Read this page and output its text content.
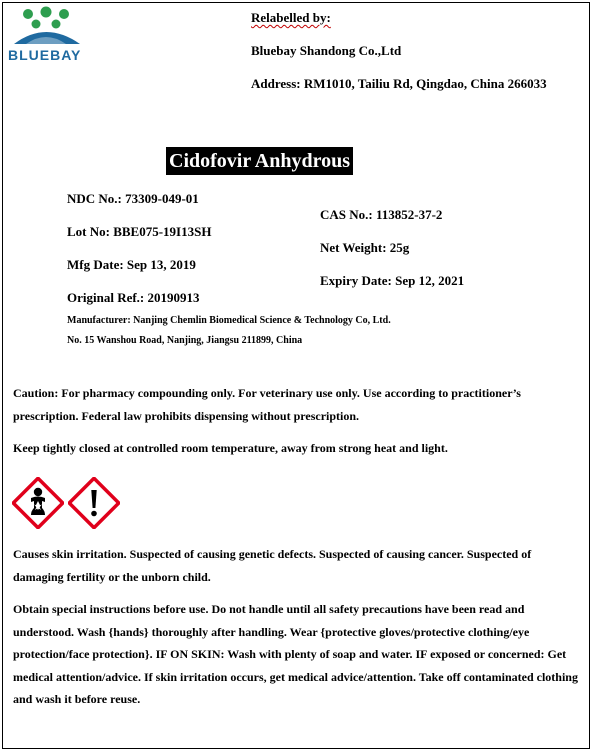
BLUEBAY
Relabelled by:
Bluebay Shandong Co.,Ltd
Address: RM1010, Tailiu Rd, Qingdao, China 266033
Cidofovir Anhydrous
NDC No.: 73309-049-01
Lot No: BBE075-19I13SH
Mfg Date: Sep 13, 2019
Original Ref.: 20190913
CAS No.: 113852-37-2
Net Weight: 25g
Expiry Date: Sep 12, 2021
Manufacturer: Nanjing Chemlin Biomedical Science & Technology Co, Ltd.
No. 15 Wanshou Road, Nanjing, Jiangsu 211899, China
Caution: For pharmacy compounding only. For veterinary use only. Use according to practitioner’s prescription. Federal law prohibits dispensing without prescription.
Keep tightly closed at controlled room temperature, away from strong heat and light.
Causes skin irritation. Suspected of causing genetic defects. Suspected of causing cancer. Suspected of damaging fertility or the unborn child.
Obtain special instructions before use. Do not handle until all safety precautions have been read and understood. Wash {hands} thoroughly after handling. Wear {protective gloves/protective clothing/eye protection/face protection}. IF ON SKIN: Wash with plenty of soap and water. IF exposed or concerned: Get medical attention/advice. If skin irritation occurs, get medical advice/attention. Take off contaminated clothing and wash it before reuse.
